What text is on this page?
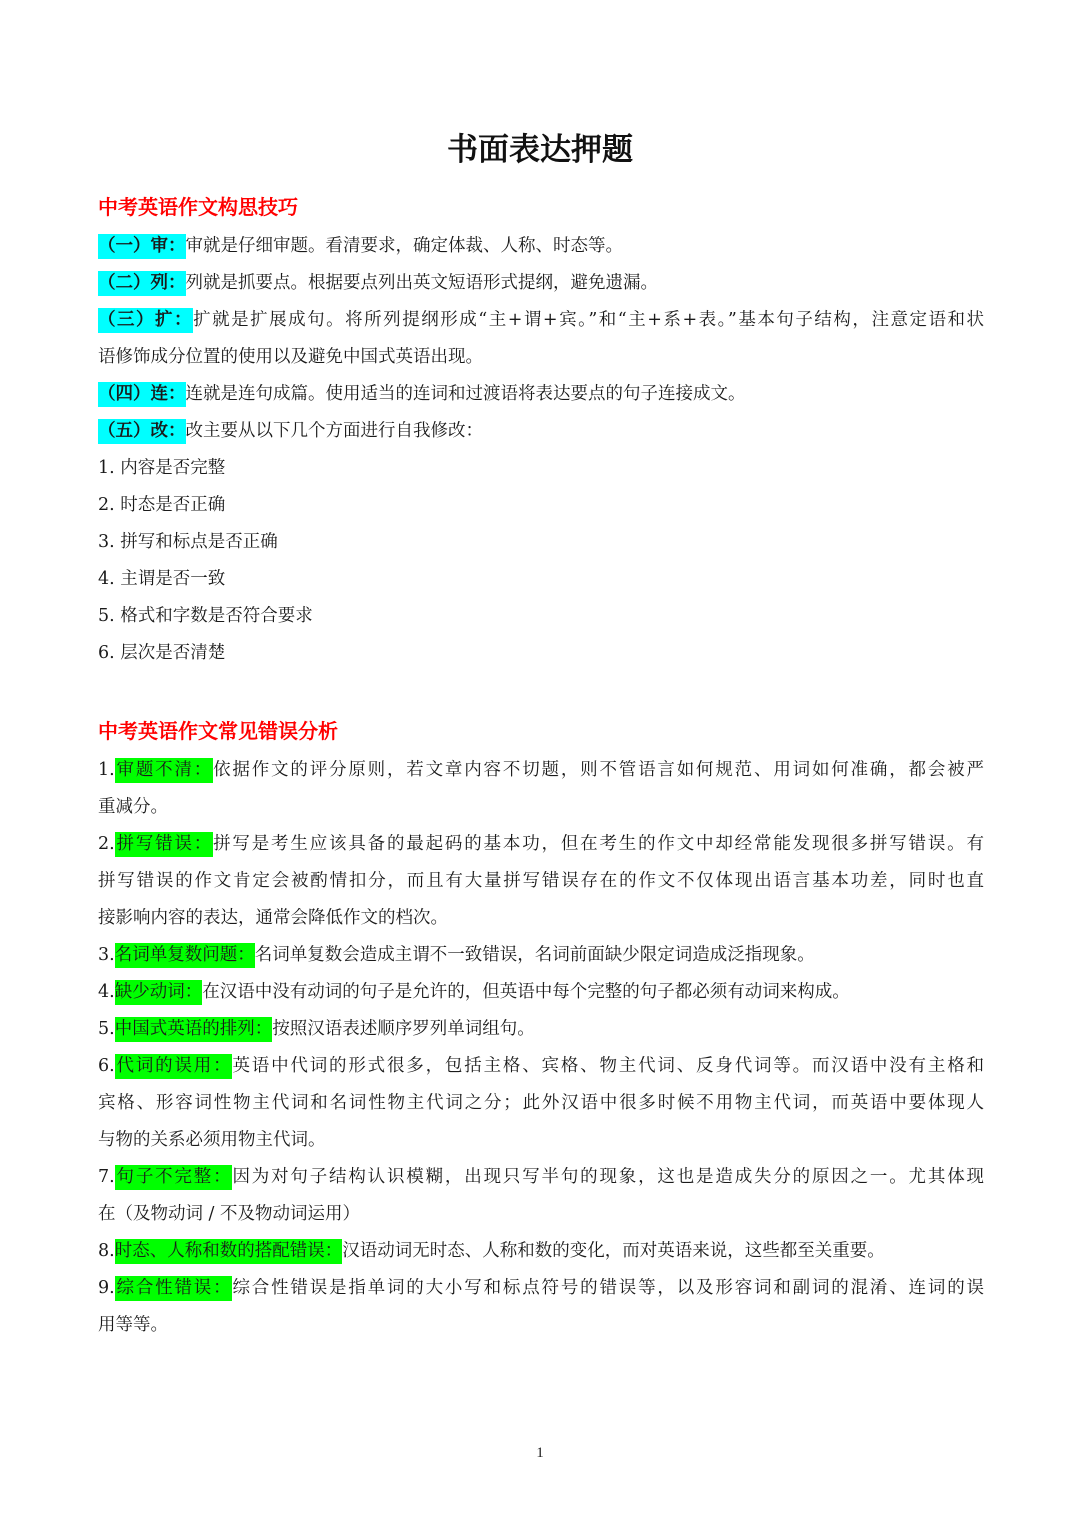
书面表达押题
中考英语作文构思技巧
（一）审：审就是仔细审题。看清要求，确定体裁、人称、时态等。
（二）列：列就是抓要点。根据要点列出英文短语形式提纲，避免遗漏。
（三）扩：扩就是扩展成句。将所列提纲形成“主+谓+宾。”和“主+系+表。”基本句子结构，注意定语和状
语修饰成分位置的使用以及避免中国式英语出现。
（四）连：连就是连句成篇。使用适当的连词和过渡语将表达要点的句子连接成文。
（五）改：改主要从以下几个方面进行自我修改：
1. 内容是否完整
2. 时态是否正确
3. 拼写和标点是否正确
4. 主谓是否一致
5. 格式和字数是否符合要求
6. 层次是否清楚
中考英语作文常见错误分析
1.审题不清：依据作文的评分原则，若文章内容不切题，则不管语言如何规范、用词如何准确，都会被严
重减分。
2.拼写错误：拼写是考生应该具备的最起码的基本功，但在考生的作文中却经常能发现很多拼写错误。有
拼写错误的作文肯定会被酌情扣分，而且有大量拼写错误存在的作文不仅体现出语言基本功差，同时也直
接影响内容的表达，通常会降低作文的档次。
3.名词单复数问题：名词单复数会造成主谓不一致错误，名词前面缺少限定词造成泛指现象。
4.缺少动词：在汉语中没有动词的句子是允许的，但英语中每个完整的句子都必须有动词来构成。
5.中国式英语的排列：按照汉语表述顺序罗列单词组句。
6.代词的误用：英语中代词的形式很多，包括主格、宾格、物主代词、反身代词等。而汉语中没有主格和
宾格、形容词性物主代词和名词性物主代词之分；此外汉语中很多时候不用物主代词，而英语中要体现人
与物的关系必须用物主代词。
7.句子不完整：因为对句子结构认识模糊，出现只写半句的现象，这也是造成失分的原因之一。尤其体现
在（及物动词 / 不及物动词运用）
8.时态、人称和数的搭配错误：汉语动词无时态、人称和数的变化，而对英语来说，这些都至关重要。
9.综合性错误：综合性错误是指单词的大小写和标点符号的错误等，以及形容词和副词的混淆、连词的误
用等等。
1
